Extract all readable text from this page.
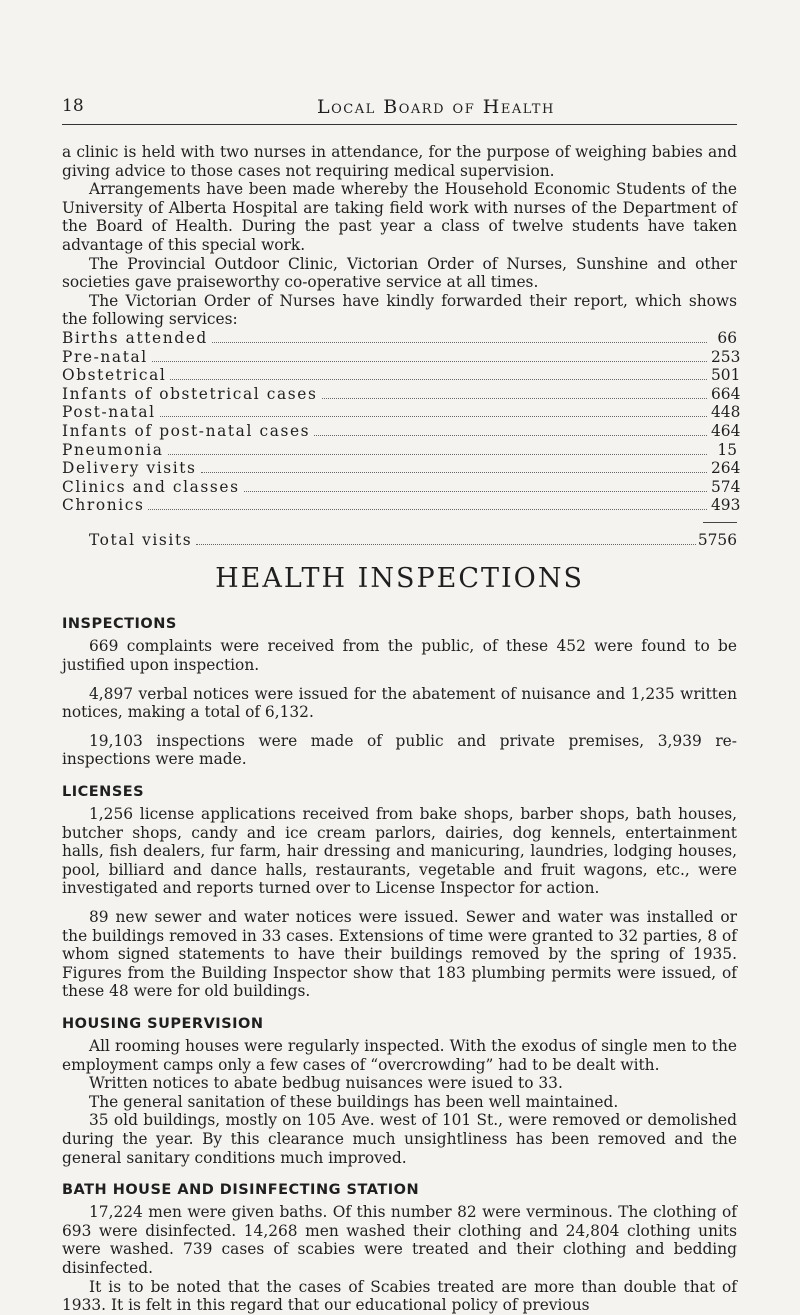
18	Local Board of Health

a clinic is held with two nurses in attendance, for the purpose of weighing babies and giving advice to those cases not requiring medical supervision.

Arrangements have been made whereby the Household Economic Students of the University of Alberta Hospital are taking field work with nurses of the Department of the Board of Health. During the past year a class of twelve students have taken advantage of this special work.

The Provincial Outdoor Clinic, Victorian Order of Nurses, Sunshine and other societies gave praiseworthy co-operative service at all times.

The Victorian Order of Nurses have kindly forwarded their report, which shows the following services:

Births attended	66
Pre-natal	253
Obstetrical	501
Infants of obstetrical cases	664
Post-natal	448
Infants of post-natal cases	464
Pneumonia	15
Delivery visits	264
Clinics and classes	574
Chronics	493
Total visits	5756
HEALTH INSPECTIONS
INSPECTIONS

669 complaints were received from the public, of these 452 were found to be justified upon inspection.

4,897 verbal notices were issued for the abatement of nuisance and 1,235 written notices, making a total of 6,132.

19,103 inspections were made of public and private premises, 3,939 re-inspections were made.

LICENSES

1,256 license applications received from bake shops, barber shops, bath houses, butcher shops, candy and ice cream parlors, dairies, dog kennels, entertainment halls, fish dealers, fur farm, hair dressing and manicuring, laundries, lodging houses, pool, billiard and dance halls, restaurants, vegetable and fruit wagons, etc., were investigated and reports turned over to License Inspector for action.

89 new sewer and water notices were issued. Sewer and water was installed or the buildings removed in 33 cases. Extensions of time were granted to 32 parties, 8 of whom signed statements to have their buildings removed by the spring of 1935. Figures from the Building Inspector show that 183 plumbing permits were issued, of these 48 were for old buildings.

HOUSING SUPERVISION

All rooming houses were regularly inspected. With the exodus of single men to the employment camps only a few cases of “overcrowding” had to be dealt with.

Written notices to abate bedbug nuisances were isued to 33.

The general sanitation of these buildings has been well maintained.

35 old buildings, mostly on 105 Ave. west of 101 St., were removed or demolished during the year. By this clearance much unsightliness has been removed and the general sanitary conditions much improved.

BATH HOUSE AND DISINFECTING STATION

17,224 men were given baths. Of this number 82 were verminous. The clothing of 693 were disinfected. 14,268 men washed their clothing and 24,804 clothing units were washed. 739 cases of scabies were treated and their clothing and bedding disinfected.

It is to be noted that the cases of Scabies treated are more than double that of 1933. It is felt in this regard that our educational policy of previous
